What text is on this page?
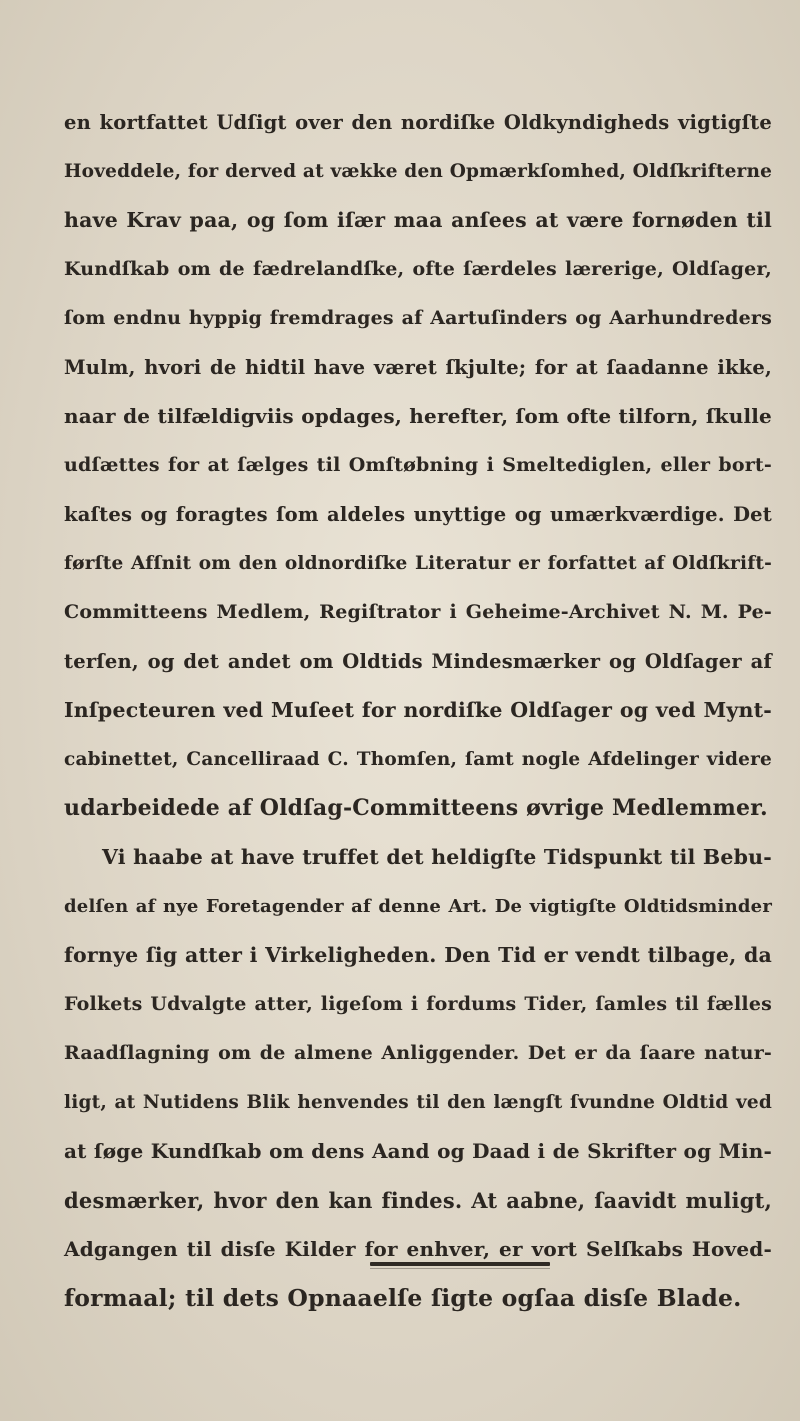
en kortfattet Udſigt over den nordiſke Oldkyndigheds vigtigſte
Hoveddele, for derved at vække den Opmærkſomhed, Oldſkrifterne
have Krav paa, og ſom iſær maa anſees at være fornøden til
Kundſkab om de fædrelandſke, ofte ſærdeles lærerige, Oldſager,
ſom endnu hyppig fremdrages af Aartuſinders og Aarhundreders
Mulm, hvori de hidtil have været ſkjulte; for at ſaadanne ikke,
naar de tilfældigviis opdages, herefter, ſom ofte tilforn, ſkulle
udſættes for at ſælges til Omſtøbning i Smeltediglen, eller bort-
kaſtes og foragtes ſom aldeles unyttige og umærkværdige. Det
førſte Afſnit om den oldnordiſke Literatur er forfattet af Oldſkrift-
Committeens Medlem, Regiſtrator i Geheime-Archivet N. M. Pe-
terſen, og det andet om Oldtids Mindesmærker og Oldſager af
Inſpecteuren ved Muſeet for nordiſke Oldſager og ved Mynt-
cabinettet, Cancelliraad C. Thomſen, ſamt nogle Afdelinger videre
udarbeidede af Oldſag-Committeens øvrige Medlemmer.
Vi haabe at have truffet det heldigſte Tidspunkt til Bebu-
delſen af nye Foretagender af denne Art. De vigtigſte Oldtidsminder
fornye ſig atter i Virkeligheden. Den Tid er vendt tilbage, da
Folkets Udvalgte atter, ligeſom i fordums Tider, ſamles til fælles
Raadſlagning om de almene Anliggender. Det er da ſaare natur-
ligt, at Nutidens Blik henvendes til den længſt ſvundne Oldtid ved
at ſøge Kundſkab om dens Aand og Daad i de Skrifter og Min-
desmærker, hvor den kan findes. At aabne, ſaavidt muligt,
Adgangen til disſe Kilder for enhver, er vort Selſkabs Hoved-
formaal; til dets Opnaaelſe ſigte ogſaa disſe Blade.
